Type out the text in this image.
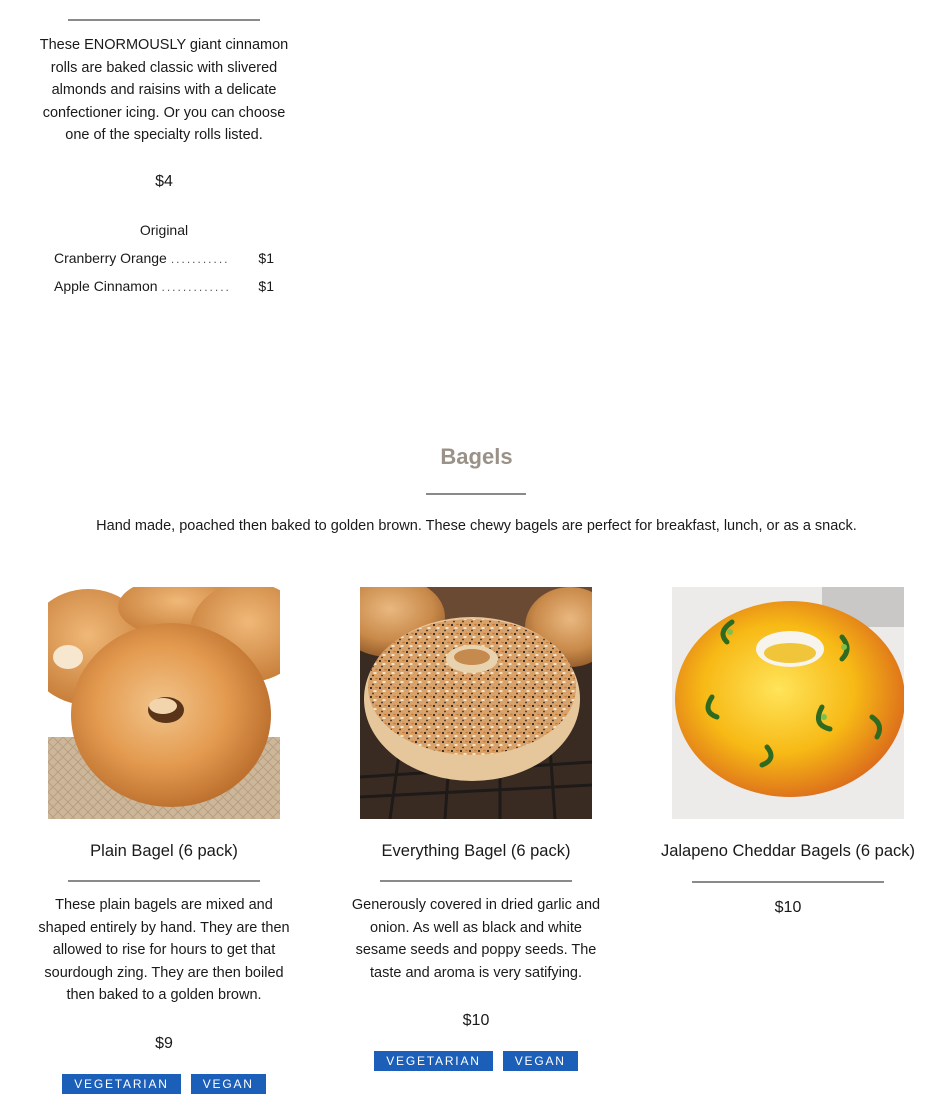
These ENORMOUSLY giant cinnamon rolls are baked classic with slivered almonds and raisins with a delicate confectioner icing. Or you can choose one of the specialty rolls listed.

$4
Original
Cranberry Orange ...........	$1
Apple Cinnamon .............	$1
Bagels

Hand made, poached then baked to golden brown. These chewy bagels are perfect for breakfast, lunch, or as a snack.

Plain Bagel (6 pack)

These plain bagels are mixed and shaped entirely by hand. They are then allowed to rise for hours to get that sourdough zing. They are then boiled then baked to a golden brown.

$9
VEGETARIAN	VEGAN
Everything Bagel (6 pack)

Generously covered in dried garlic and onion. As well as black and white sesame seeds and poppy seeds. The taste and aroma is very satifying.

$10
VEGETARIAN	VEGAN
Jalapeno Cheddar Bagels (6 pack)
$10
